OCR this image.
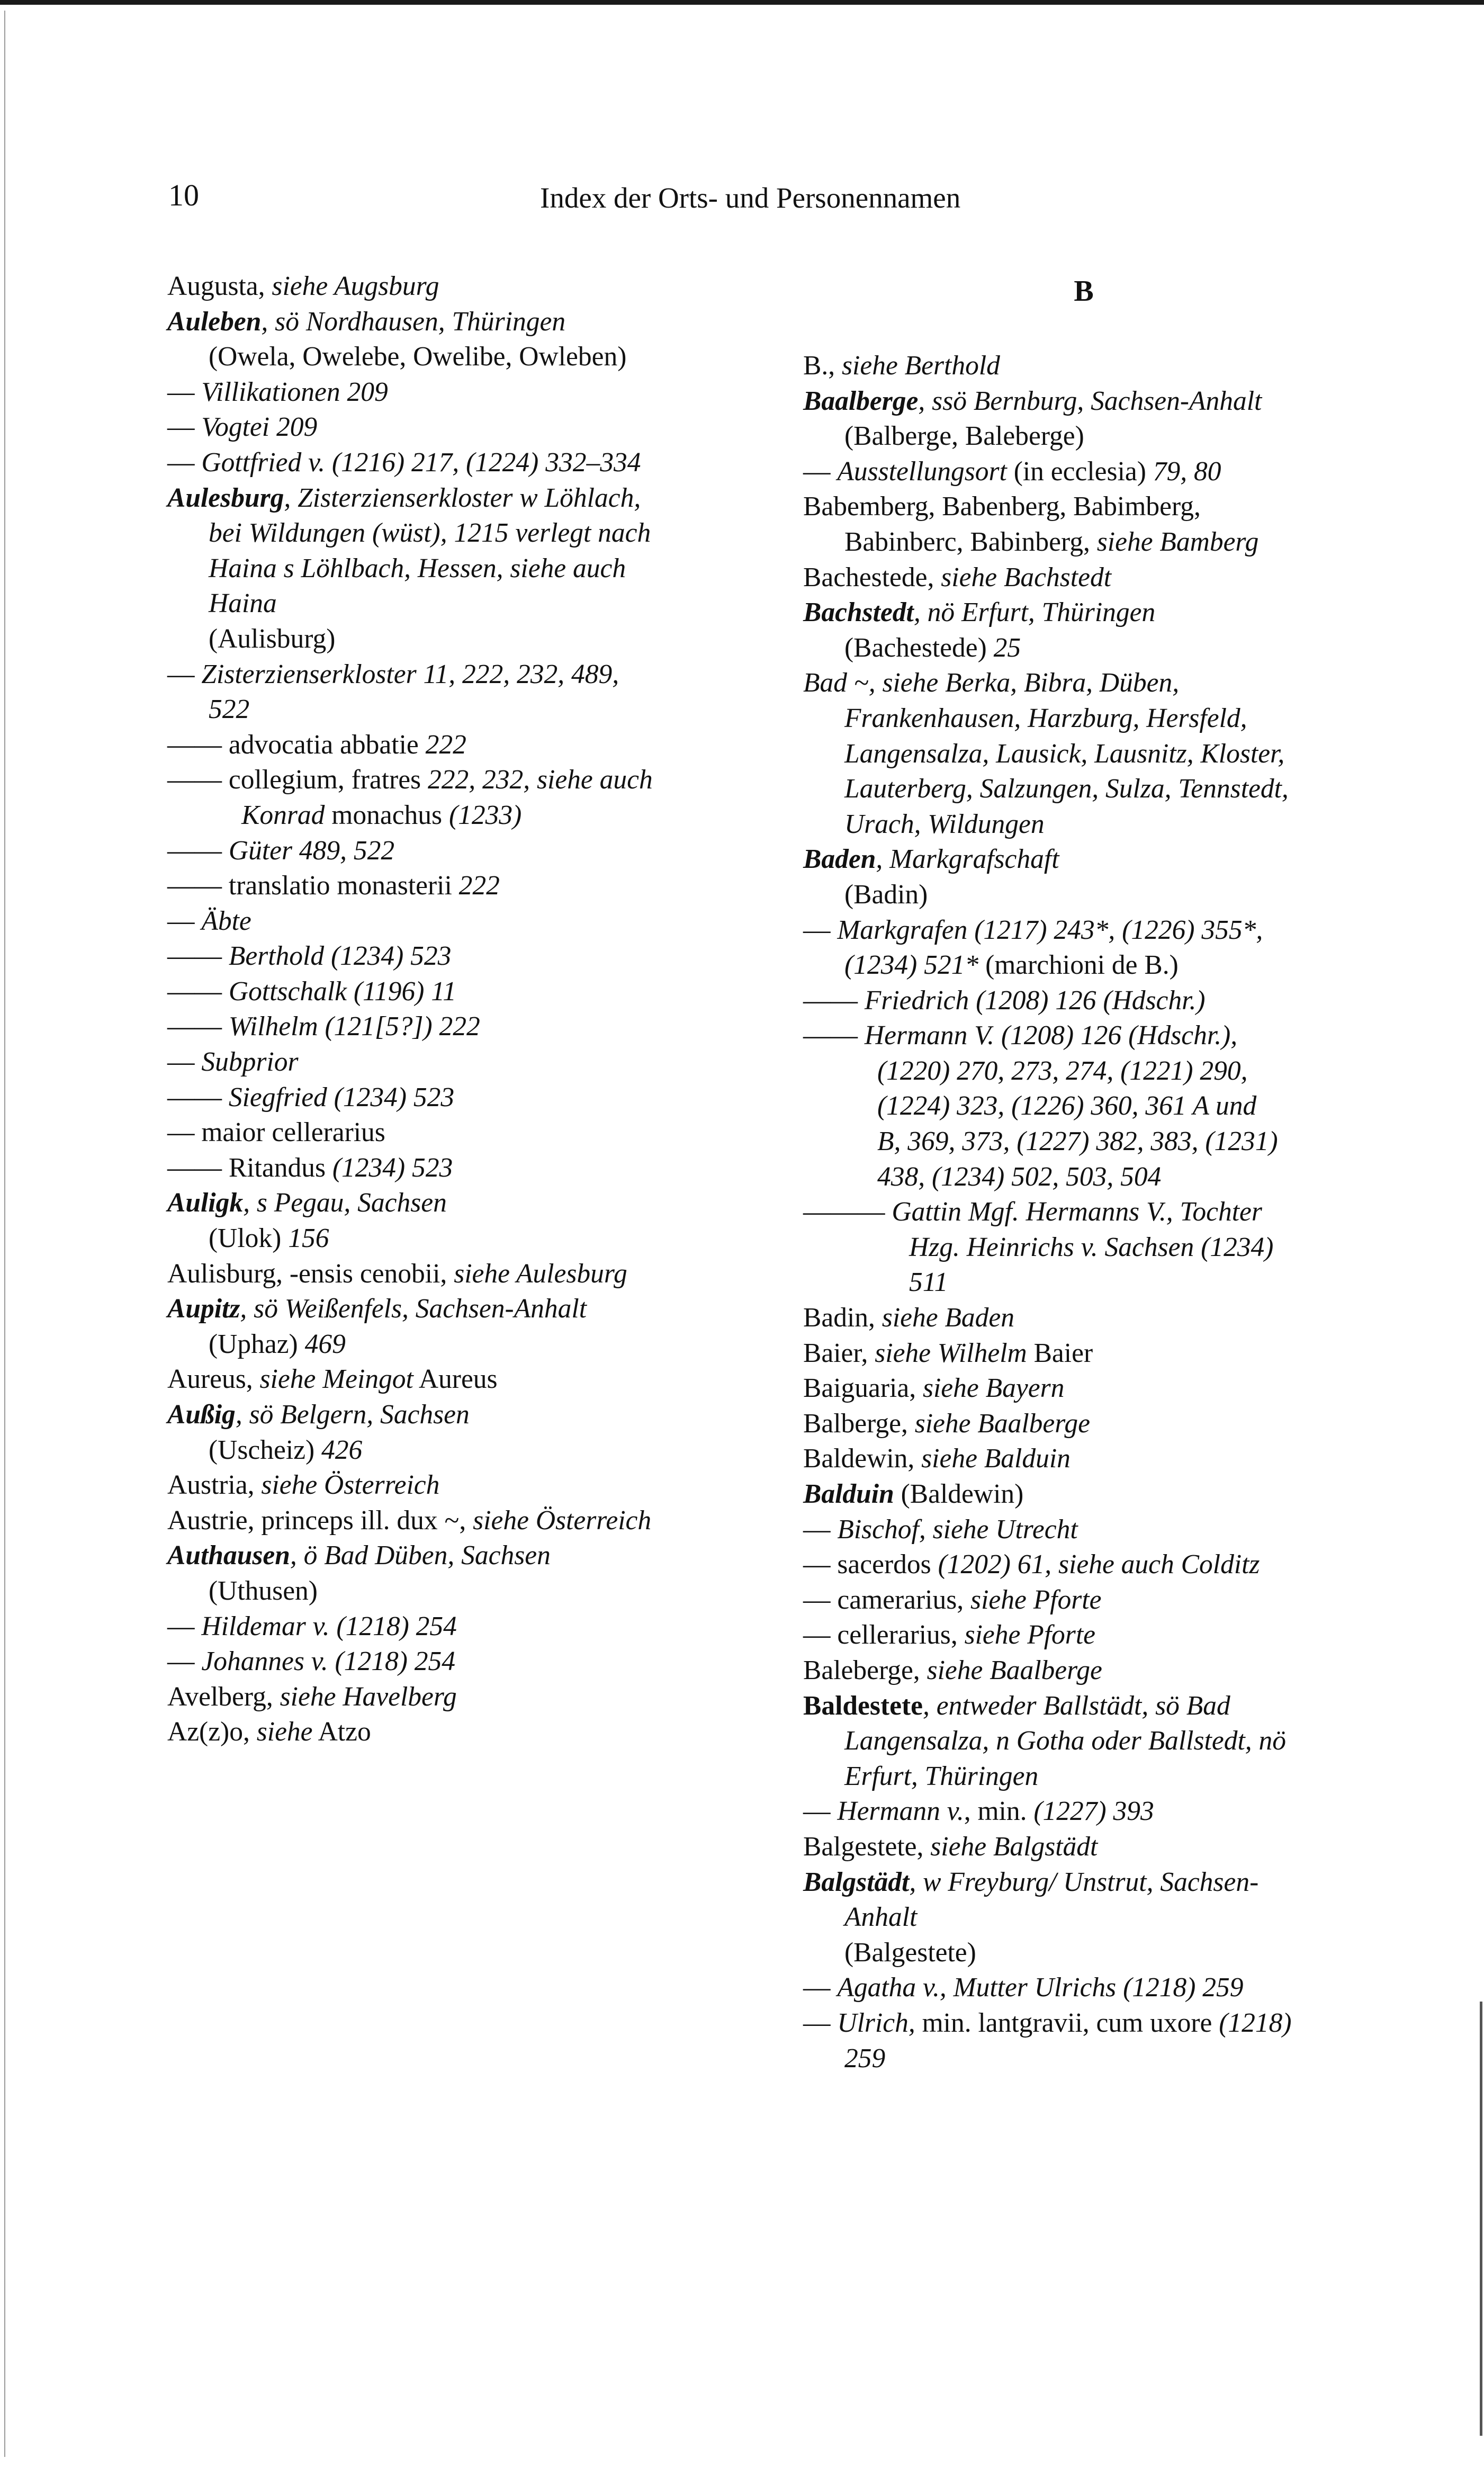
10	Index der Orts- und Personennamen
Augusta, siehe Augsburg
Auleben, sö Nordhausen, Thüringen
(Owela, Owelebe, Owelibe, Owleben)
— Villikationen 209
— Vogtei 209
— Gottfried v. (1216) 217, (1224) 332–334
Aulesburg, Zisterzienserkloster w Löhlach,
bei Wildungen (wüst), 1215 verlegt nach
Haina s Löhlbach, Hessen, siehe auch
Haina
(Aulisburg)
— Zisterzienserkloster 11, 222, 232, 489,
522
—— advocatia abbatie 222
—— collegium, fratres 222, 232, siehe auch
Konrad monachus (1233)
—— Güter 489, 522
—— translatio monasterii 222
— Äbte
—— Berthold (1234) 523
—— Gottschalk (1196) 11
—— Wilhelm (121[5?]) 222
— Subprior
—— Siegfried (1234) 523
— maior cellerarius
—— Ritandus (1234) 523
Auligk, s Pegau, Sachsen
(Ulok) 156
Aulisburg, -ensis cenobii, siehe Aulesburg
Aupitz, sö Weißenfels, Sachsen-Anhalt
(Uphaz) 469
Aureus, siehe Meingot Aureus
Außig, sö Belgern, Sachsen
(Uscheiz) 426
Austria, siehe Österreich
Austrie, princeps ill. dux ~, siehe Österreich
Authausen, ö Bad Düben, Sachsen
(Uthusen)
— Hildemar v. (1218) 254
— Johannes v. (1218) 254
Avelberg, siehe Havelberg
Az(z)o, siehe Atzo
B
B., siehe Berthold
Baalberge, ssö Bernburg, Sachsen-Anhalt
(Balberge, Baleberge)
— Ausstellungsort (in ecclesia) 79, 80
Babemberg, Babenberg, Babimberg,
Babinberc, Babinberg, siehe Bamberg
Bachestede, siehe Bachstedt
Bachstedt, nö Erfurt, Thüringen
(Bachestede) 25
Bad ~, siehe Berka, Bibra, Düben,
Frankenhausen, Harzburg, Hersfeld,
Langensalza, Lausick, Lausnitz, Kloster,
Lauterberg, Salzungen, Sulza, Tennstedt,
Urach, Wildungen
Baden, Markgrafschaft
(Badin)
— Markgrafen (1217) 243*, (1226) 355*,
(1234) 521* (marchioni de B.)
—— Friedrich (1208) 126 (Hdschr.)
—— Hermann V. (1208) 126 (Hdschr.),
(1220) 270, 273, 274, (1221) 290,
(1224) 323, (1226) 360, 361 A und
B, 369, 373, (1227) 382, 383, (1231)
438, (1234) 502, 503, 504
——— Gattin Mgf. Hermanns V., Tochter
Hzg. Heinrichs v. Sachsen (1234)
511
Badin, siehe Baden
Baier, siehe Wilhelm Baier
Baiguaria, siehe Bayern
Balberge, siehe Baalberge
Baldewin, siehe Balduin
Balduin (Baldewin)
— Bischof, siehe Utrecht
— sacerdos (1202) 61, siehe auch Colditz
— camerarius, siehe Pforte
— cellerarius, siehe Pforte
Baleberge, siehe Baalberge
Baldestete, entweder Ballstädt, sö Bad
Langensalza, n Gotha oder Ballstedt, nö
Erfurt, Thüringen
— Hermann v., min. (1227) 393
Balgestete, siehe Balgstädt
Balgstädt, w Freyburg/ Unstrut, Sachsen-
Anhalt
(Balgestete)
— Agatha v., Mutter Ulrichs (1218) 259
— Ulrich, min. lantgravii, cum uxore (1218)
259
